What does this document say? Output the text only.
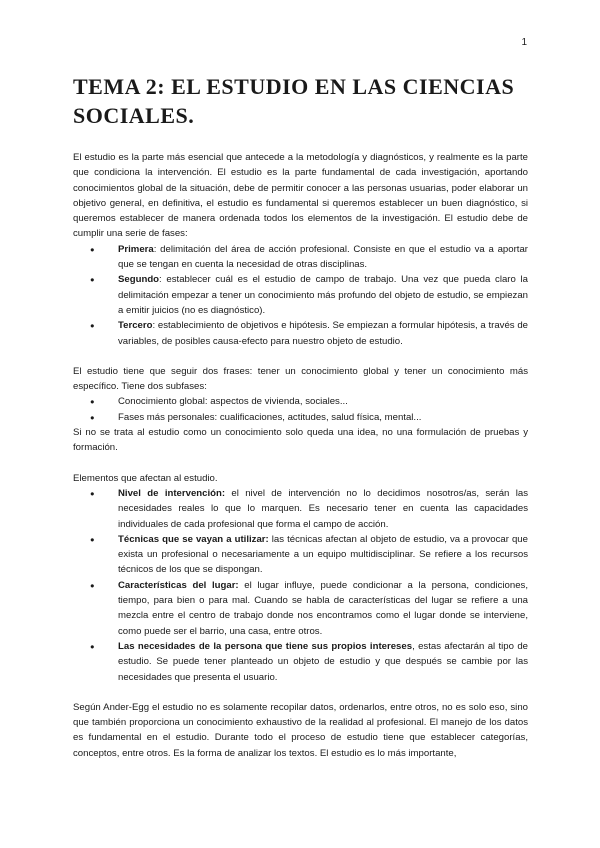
1
TEMA 2: EL ESTUDIO EN LAS CIENCIAS SOCIALES.

El estudio es la parte más esencial que antecede a la metodología y diagnósticos, y realmente es la parte que condiciona la intervención. El estudio es la parte fundamental de cada investigación, aportando conocimientos global de la situación, debe de permitir conocer a las personas usuarias, poder elaborar un objetivo general, en definitiva, el estudio es fundamental si queremos establecer un buen diagnóstico, si queremos establecer de manera ordenada todos los elementos de la investigación. El estudio debe de cumplir una serie de fases:

● Primera: delimitación del área de acción profesional. Consiste en que el estudio va a aportar que se tengan en cuenta la necesidad de otras disciplinas.
● Segundo: establecer cuál es el estudio de campo de trabajo. Una vez que pueda claro la delimitación empezar a tener un conocimiento más profundo del objeto de estudio, se empiezan a emitir juicios (no es diagnóstico).
● Tercero: establecimiento de objetivos e hipótesis. Se empiezan a formular hipótesis, a través de variables, de posibles causa-efecto para nuestro objeto de estudio.

El estudio tiene que seguir dos frases: tener un conocimiento global y tener un conocimiento más específico. Tiene dos subfases:

● Conocimiento global: aspectos de vivienda, sociales...
● Fases más personales: cualificaciones, actitudes, salud física, mental...

Si no se trata al estudio como un conocimiento solo queda una idea, no una formulación de pruebas y formación.

Elementos que afectan al estudio.

● Nivel de intervención: el nivel de intervención no lo decidimos nosotros/as, serán las necesidades reales lo que lo marquen. Es necesario tener en cuenta las capacidades individuales de cada profesional que forma el campo de acción.
● Técnicas que se vayan a utilizar: las técnicas afectan al objeto de estudio, va a provocar que exista un profesional o necesariamente a un equipo multidisciplinar. Se refiere a los recursos técnicos de los que se dispongan.
● Características del lugar: el lugar influye, puede condicionar a la persona, condiciones, tiempo, para bien o para mal. Cuando se habla de características del lugar se refiere a una mezcla entre el centro de trabajo donde nos encontramos como el lugar donde se interviene, como puede ser el barrio, una casa, entre otros.
● Las necesidades de la persona que tiene sus propios intereses, estas afectarán al tipo de estudio. Se puede tener planteado un objeto de estudio y que después se cambie por las necesidades que presenta el usuario.

Según Ander-Egg el estudio no es solamente recopilar datos, ordenarlos, entre otros, no es solo eso, sino que también proporciona un conocimiento exhaustivo de la realidad al profesional. El manejo de los datos es fundamental en el estudio. Durante todo el proceso de estudio tiene que establecer categorías, conceptos, entre otros. Es la forma de analizar los textos. El estudio es lo más importante,
